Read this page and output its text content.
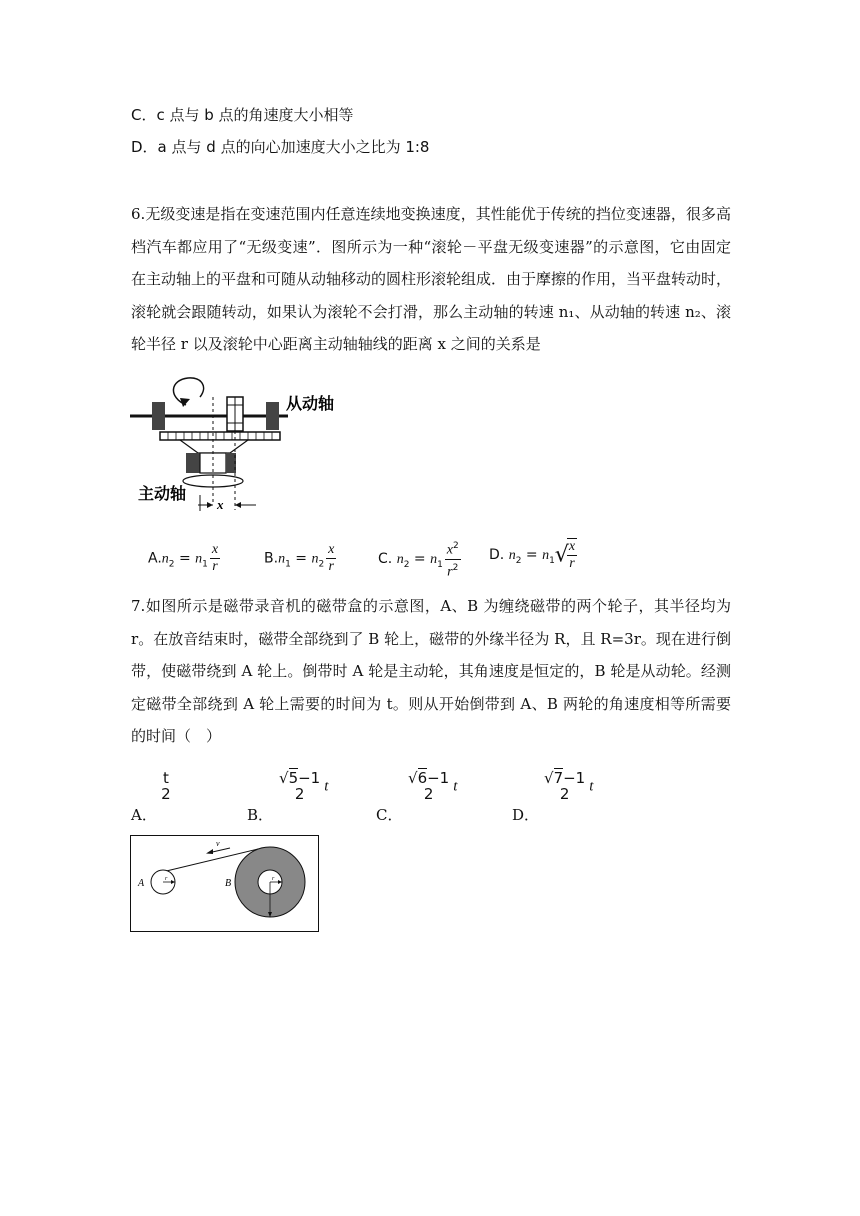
C．c 点与 b 点的角速度大小相等
D．a 点与 d 点的向心加速度大小之比为 1:8
6.无级变速是指在变速范围内任意连续地变换速度，其性能优于传统的挡位变速器，很多高档汽车都应用了“无级变速”．图所示为一种“滚轮－平盘无级变速器”的示意图，它由固定在主动轴上的平盘和可随从动轴移动的圆柱形滚轮组成．由于摩擦的作用，当平盘转动时，滚轮就会跟随转动，如果认为滚轮不会打滑，那么主动轴的转速 n₁、从动轴的转速 n₂、滚轮半径 r 以及滚轮中心距离主动轴轴线的距离 x 之间的关系是
x
从动轴
主动轴
$A.n_2 = n_1 \frac{x}{r}$	$B.n_1 = n_2 \frac{x}{r}$	C. $n_2 = n_1 \frac{x^2}{r^2} D$. $n_2 = n_1√$
$\frac{x}{r}$
7.如图所示是磁带录音机的磁带盒的示意图，A、B 为缠绕磁带的两个轮子，其半径均为 r。在放音结束时，磁带全部绕到了 B 轮上，磁带的外缘半径为 R，且 R=3r。现在进行倒带，使磁带绕到 A 轮上。倒带时 A 轮是主动轮，其角速度是恒定的，B 轮是从动轮。经测定磁带全部绕到 A 轮上需要的时间为 t。则从开始倒带到 A、B 两轮的角速度相等所需要的时间（　）
A．
t
2
B．
√5−1
2	t
C．
√6−1
2	t
D．
√7−1
2	t
v
r
A	r
B
